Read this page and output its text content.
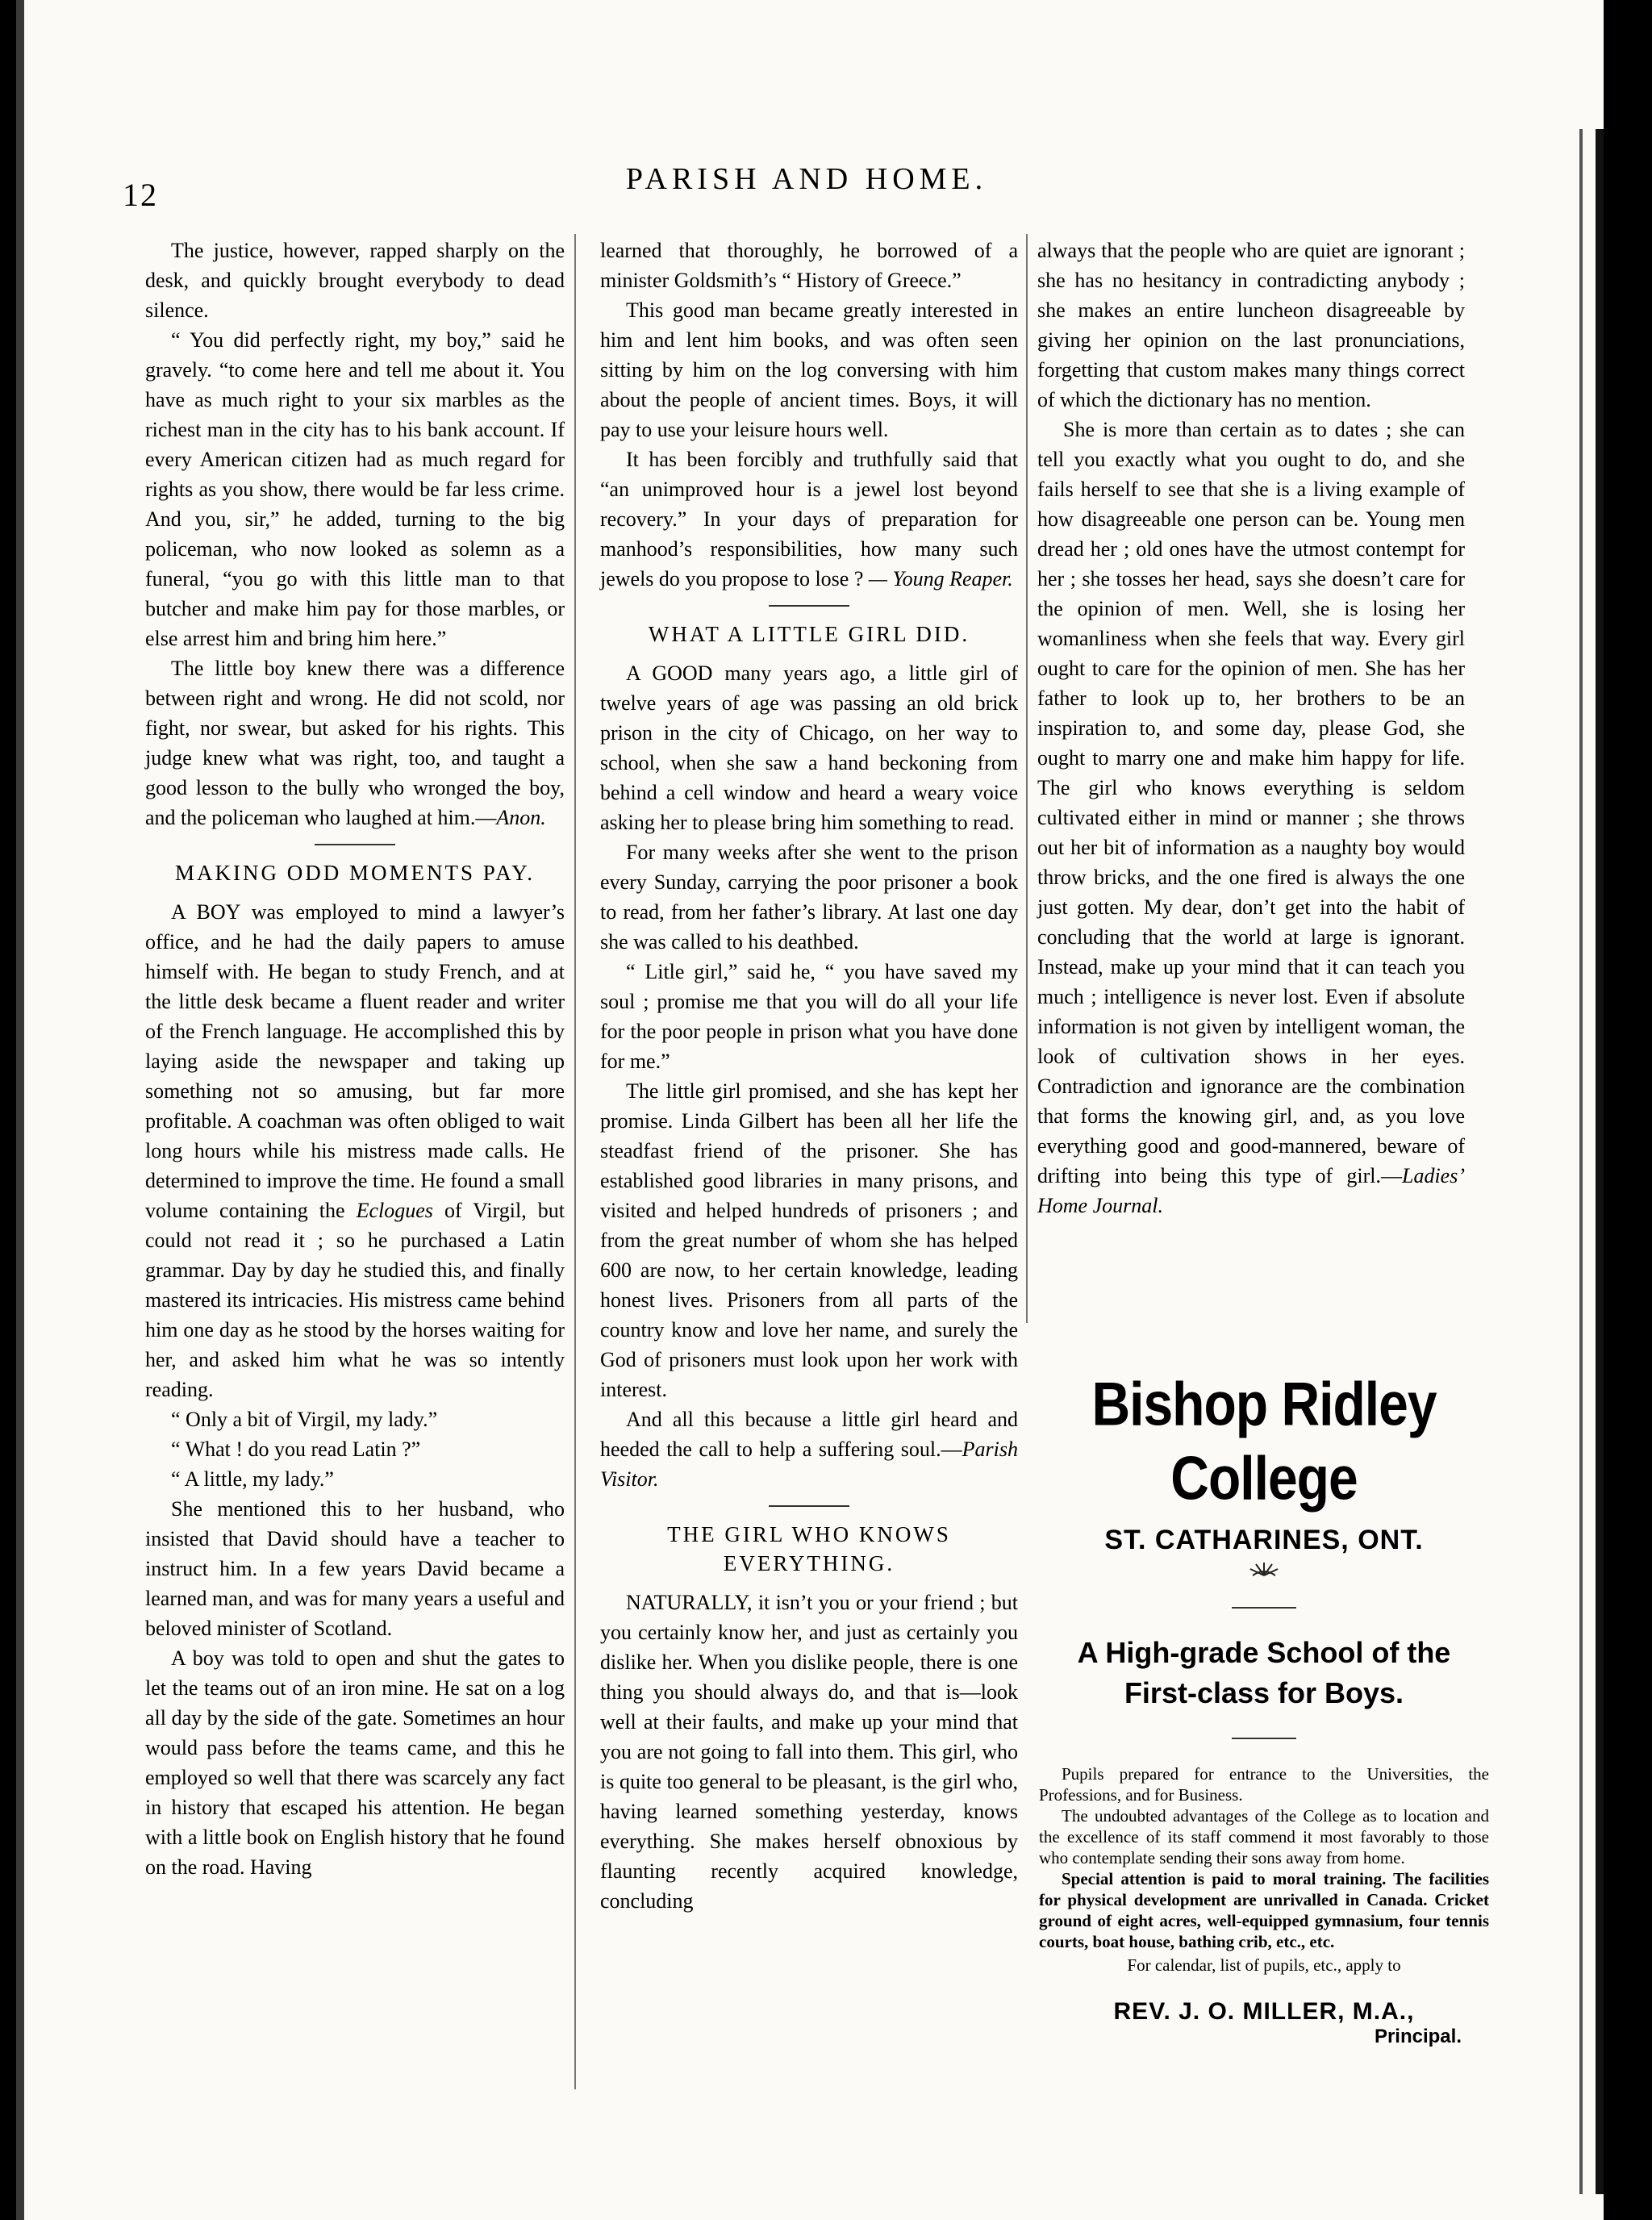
12	PARISH AND HOME.

The justice, however, rapped sharply on the desk, and quickly brought everybody to dead silence.

“ You did perfectly right, my boy,” said he gravely. “to come here and tell me about it. You have as much right to your six marbles as the richest man in the city has to his bank account. If every American citizen had as much regard for rights as you show, there would be far less crime. And you, sir,” he added, turning to the big policeman, who now looked as solemn as a funeral, “you go with this little man to that butcher and make him pay for those marbles, or else arrest him and bring him here.”

The little boy knew there was a difference between right and wrong. He did not scold, nor fight, nor swear, but asked for his rights. This judge knew what was right, too, and taught a good lesson to the bully who wronged the boy, and the policeman who laughed at him.—Anon.

MAKING ODD MOMENTS PAY.

A BOY was employed to mind a lawyer’s office, and he had the daily papers to amuse himself with. He began to study French, and at the little desk became a fluent reader and writer of the French language. He accomplished this by laying aside the newspaper and taking up something not so amusing, but far more profitable. A coachman was often obliged to wait long hours while his mistress made calls. He determined to improve the time. He found a small volume containing the Eclogues of Virgil, but could not read it ; so he purchased a Latin grammar. Day by day he studied this, and finally mastered its intricacies. His mistress came behind him one day as he stood by the horses waiting for her, and asked him what he was so intently reading.

“ Only a bit of Virgil, my lady.”

“ What ! do you read Latin ?”

“ A little, my lady.”

She mentioned this to her husband, who insisted that David should have a teacher to instruct him. In a few years David became a learned man, and was for many years a useful and beloved minister of Scotland.

A boy was told to open and shut the gates to let the teams out of an iron mine. He sat on a log all day by the side of the gate. Sometimes an hour would pass before the teams came, and this he employed so well that there was scarcely any fact in history that escaped his attention. He began with a little book on English history that he found on the road. Having

learned that thoroughly, he borrowed of a minister Goldsmith’s “ History of Greece.”

This good man became greatly interested in him and lent him books, and was often seen sitting by him on the log conversing with him about the people of ancient times. Boys, it will pay to use your leisure hours well.

It has been forcibly and truthfully said that “an unimproved hour is a jewel lost beyond recovery.” In your days of preparation for manhood’s responsibilities, how many such jewels do you propose to lose ? — Young Reaper.

WHAT A LITTLE GIRL DID.

A GOOD many years ago, a little girl of twelve years of age was passing an old brick prison in the city of Chicago, on her way to school, when she saw a hand beckoning from behind a cell window and heard a weary voice asking her to please bring him something to read.

For many weeks after she went to the prison every Sunday, carrying the poor prisoner a book to read, from her father’s library. At last one day she was called to his deathbed.

“ Litle girl,” said he, “ you have saved my soul ; promise me that you will do all your life for the poor people in prison what you have done for me.”

The little girl promised, and she has kept her promise. Linda Gilbert has been all her life the steadfast friend of the prisoner. She has established good libraries in many prisons, and visited and helped hundreds of prisoners ; and from the great number of whom she has helped 600 are now, to her certain knowledge, leading honest lives. Prisoners from all parts of the country know and love her name, and surely the God of prisoners must look upon her work with interest.

And all this because a little girl heard and heeded the call to help a suffering soul.—Parish Visitor.

THE GIRL WHO KNOWS EVERYTHING.

NATURALLY, it isn’t you or your friend ; but you certainly know her, and just as certainly you dislike her. When you dislike people, there is one thing you should always do, and that is—look well at their faults, and make up your mind that you are not going to fall into them. This girl, who is quite too general to be pleasant, is the girl who, having learned something yesterday, knows everything. She makes herself obnoxious by flaunting recently acquired knowledge, concluding

always that the people who are quiet are ignorant ; she has no hesitancy in contradicting anybody ; she makes an entire luncheon disagreeable by giving her opinion on the last pronunciations, forgetting that custom makes many things correct of which the dictionary has no mention.

She is more than certain as to dates ; she can tell you exactly what you ought to do, and she fails herself to see that she is a living example of how disagreeable one person can be. Young men dread her ; old ones have the utmost contempt for her ; she tosses her head, says she doesn’t care for the opinion of men. Well, she is losing her womanliness when she feels that way. Every girl ought to care for the opinion of men. She has her father to look up to, her brothers to be an inspiration to, and some day, please God, she ought to marry one and make him happy for life. The girl who knows everything is seldom cultivated either in mind or manner ; she throws out her bit of information as a naughty boy would throw bricks, and the one fired is always the one just gotten. My dear, don’t get into the habit of concluding that the world at large is ignorant. Instead, make up your mind that it can teach you much ; intelligence is never lost. Even if absolute information is not given by intelligent woman, the look of cultivation shows in her eyes. Contradiction and ignorance are the combination that forms the knowing girl, and, as you love everything good and good-mannered, beware of drifting into being this type of girl.—Ladies’ Home Journal.

Bishop Ridley College
ST. CATHARINES, ONT.
A High-grade School of the
First-class for Boys.

Pupils prepared for entrance to the Universities, the Professions, and for Business.

The undoubted advantages of the College as to location and the excellence of its staff commend it most favorably to those who contemplate sending their sons away from home.

Special attention is paid to moral training. The facilities for physical development are unrivalled in Canada. Cricket ground of eight acres, well-equipped gymnasium, four tennis courts, boat house, bathing crib, etc., etc.

For calendar, list of pupils, etc., apply to
REV. J. O. MILLER, M.A.,
Principal.
